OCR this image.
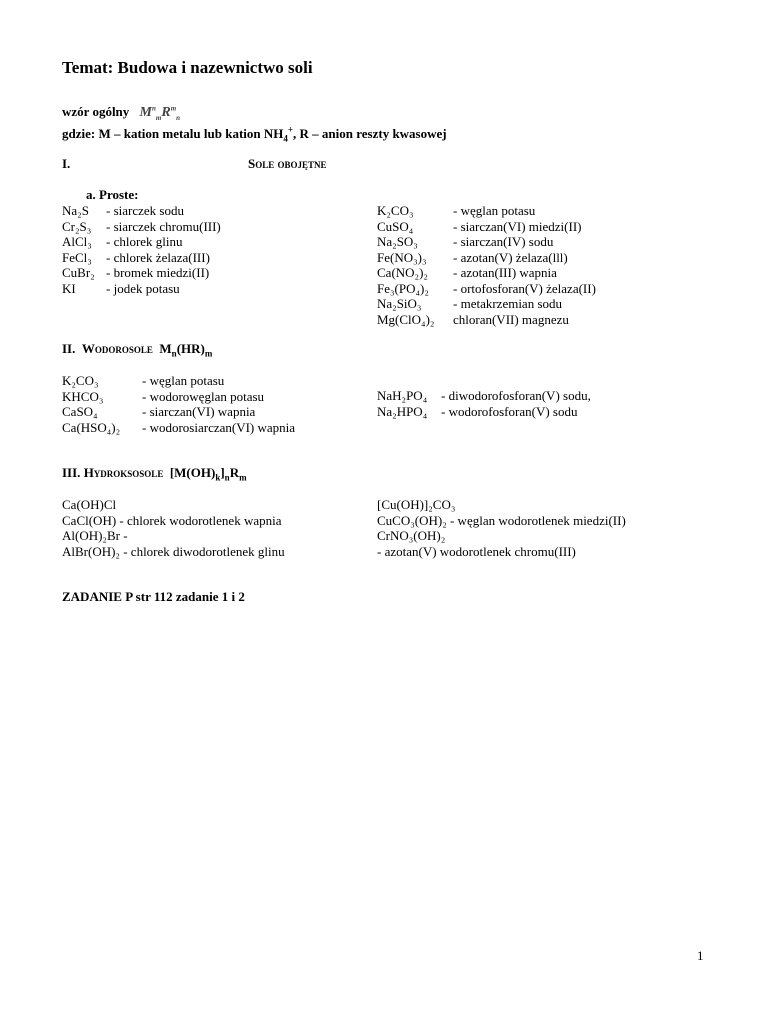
Temat: Budowa i nazewnictwo soli
wzór ogólny   $M^n_mR^m_n$
gdzie: M – kation metalu lub kation $NH_4^+$, R – anion reszty kwasowej
I.	Sole obojętne
a. Proste:
Na₂S - siarczek sodu
Cr₂S₃ - siarczek chromu(III)
AlCl₃ - chlorek glinu
FeCl₃ - chlorek żelaza(III)
CuBr₂ - bromek miedzi(II)
KI - jodek potasu
K₂CO₃	- węglan potasu
CuSO₄	- siarczan(VI) miedzi(II)
Na₂SO₃	- siarczan(IV) sodu
Fe(NO₃)₃ - azotan(V) żelaza(lll)
Ca(NO₂)₂ - azotan(III) wapnia
Fe₃(PO₄)₂ - ortofosforan(V) żelaza(II)
Na₂SiO₃ - metakrzemian sodu
Mg(ClO₄)₂ chloran(VII) magnezu
II. Wodorosole  $M_n(HR)_m$
K₂CO₃	- węglan potasu
KHCO₃	- wodorowęglan potasu
CaSO₄	- siarczan(VI) wapnia
Ca(HSO₄)₂ - wodorosiarczan(VI) wapnia
NaH₂PO₄ - diwodorofosforan(V) sodu,
Na₂HPO₄ - wodorofosforan(V) sodu
III. Hydroksosole  $[M(OH)_k]_nR_m$
Ca(OH)Cl
CaCl(OH) - chlorek wodorotlenek wapnia
Al(OH)₂Br -
AlBr(OH)₂ - chlorek diwodorotlenek glinu
[Cu(OH)]₂CO₃
CuCO₃(OH)₂ - węglan wodorotlenek miedzi(II)
CrNO₃(OH)₂
- azotan(V) wodorotlenek chromu(III)
ZADANIE P str 112 zadanie 1 i 2
1
